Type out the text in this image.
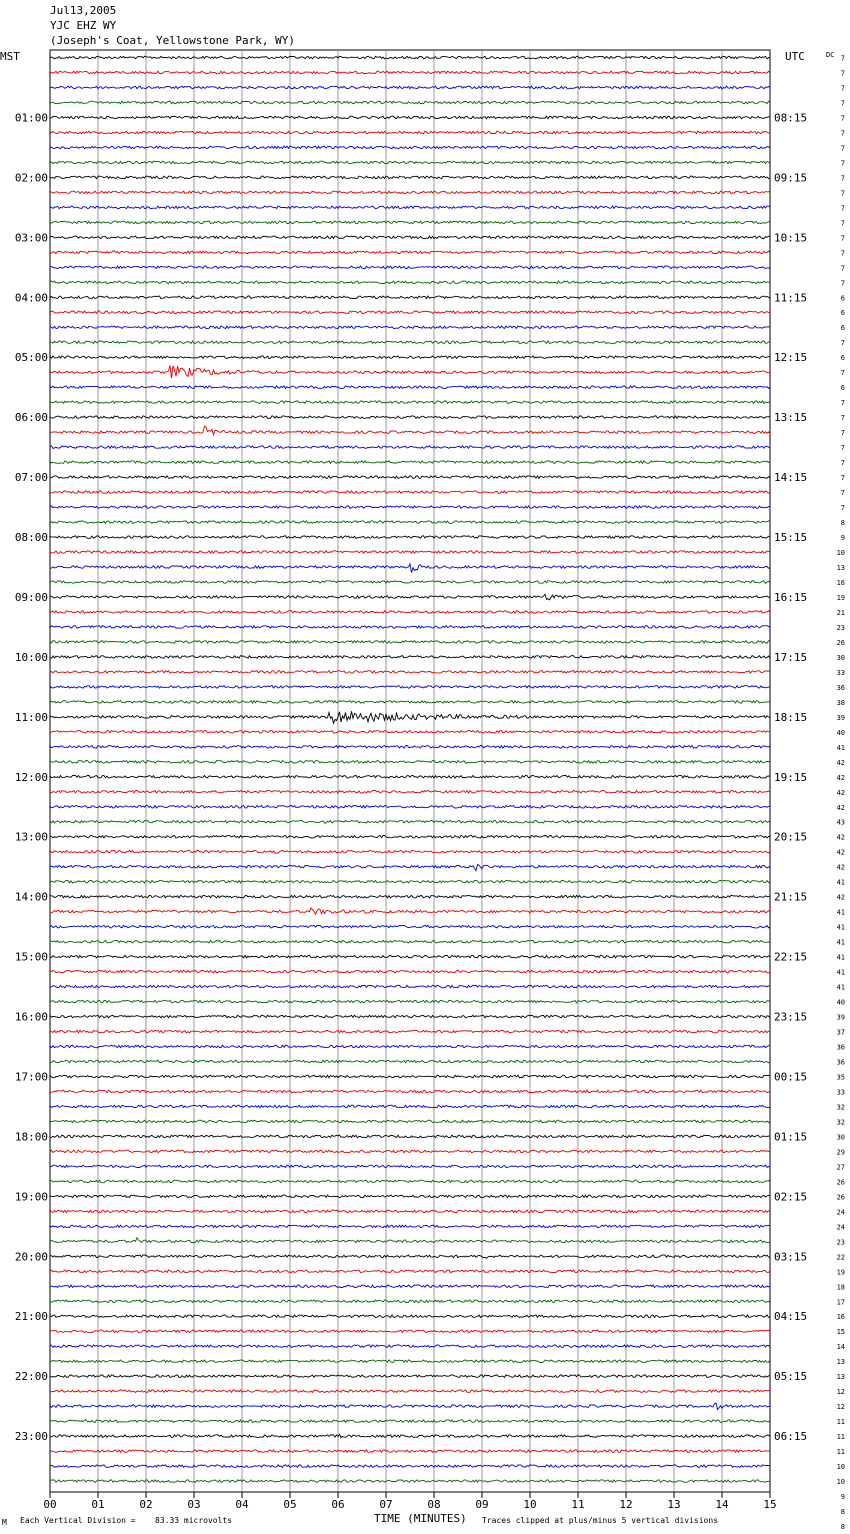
Jul13,2005
YJC EHZ WY
(Joseph's Coat, Yellowstone Park, WY)
MST	UTC	DC
00	01	02	03	04	05	06	07	08	09	10	11	12	13	14	15
01:00
02:00
03:00
04:00
05:00
06:00
07:00
08:00
09:00
10:00
11:00
12:00
13:00
14:00
15:00
16:00
17:00
18:00
19:00
20:00
21:00
22:00
23:00
08:15
09:15
10:15
11:15
12:15
13:15
14:15
15:15
16:15
17:15
18:15
19:15
20:15
21:15
22:15
23:15
00:15
01:15
02:15
03:15
04:15
05:15
06:15
7
7
7
7
7
7
7
7
7
7
7
7
7
7
7
7
6
6
6
7
6
7
6
7
7
7
7
7
7
7
7
8
9
10
13
16
19
21
23
26
30
33
36
38
39
40
41
42
42
42
42
43
42
42
42
41
42
41
41
41
41
41
41
40
39
37
36
36
35
33
32
32
30
29
27
26
26
24
24
23
22
19
18
17
16
15
14
13
13
12
12
11
11
11
10
10
9
8
8
M Each Vertical Division = 83.33 microvolts	TIME (MINUTES) Traces clipped at plus/minus 5 vertical divisions
